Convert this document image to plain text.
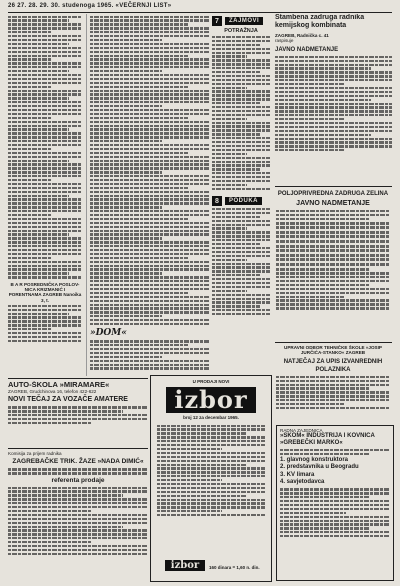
26 27. 28. 29. 30. studenoga 1965. «VEČERNJI LIST»
B A R POSREDNIČKA POSLOV-NICA KRIZMANIĆ I PORENTNAMA ZAGREB Nanoika 3, t.
»DOM«
7	ZAJMOVI
POTRAŽNJA
8	PODUKA
Stambena zadruga radnika kemijskog kombinata
ZAGREB, Radnička c. 41
raspisuje
JAVNO NADMETANJE
POLJOPRIVREDNA ZADRUGA ZELINA
JAVNO NADMETANJE
UPRAVNI ODBOR TEHNIČKE ŠKOLE »JOSIP JURČIĆA-STANKO« ZAGREB
NATJEČAJ ZA UPIS IZVANREDNIH POLAZNIKA
AUTO-ŠKOLA »MIRAMARE«
ZAGREB, Grudchinova 16, telefon 422-622
NOVI TEČAJ ZA VOZAČE AMATERE
Komisija za prijem radnika
ZAGREBAČKE TRIK. ŽAZE »NADA DIMIĆ«
referenta prodaje
U PRODAJI NOVI
izbor
broj 12 za decembar 1965.
izbor	160 dinara = 1,60 n. din.
RADNA ZAJEDNICA
»SKOM« INDUSTRIJA I KOVNICA »GREBEČKI MARKO«
1. glavnog konstruktora
2. predstavnika u Beogradu
3. KV limara
4. savjetodavca
